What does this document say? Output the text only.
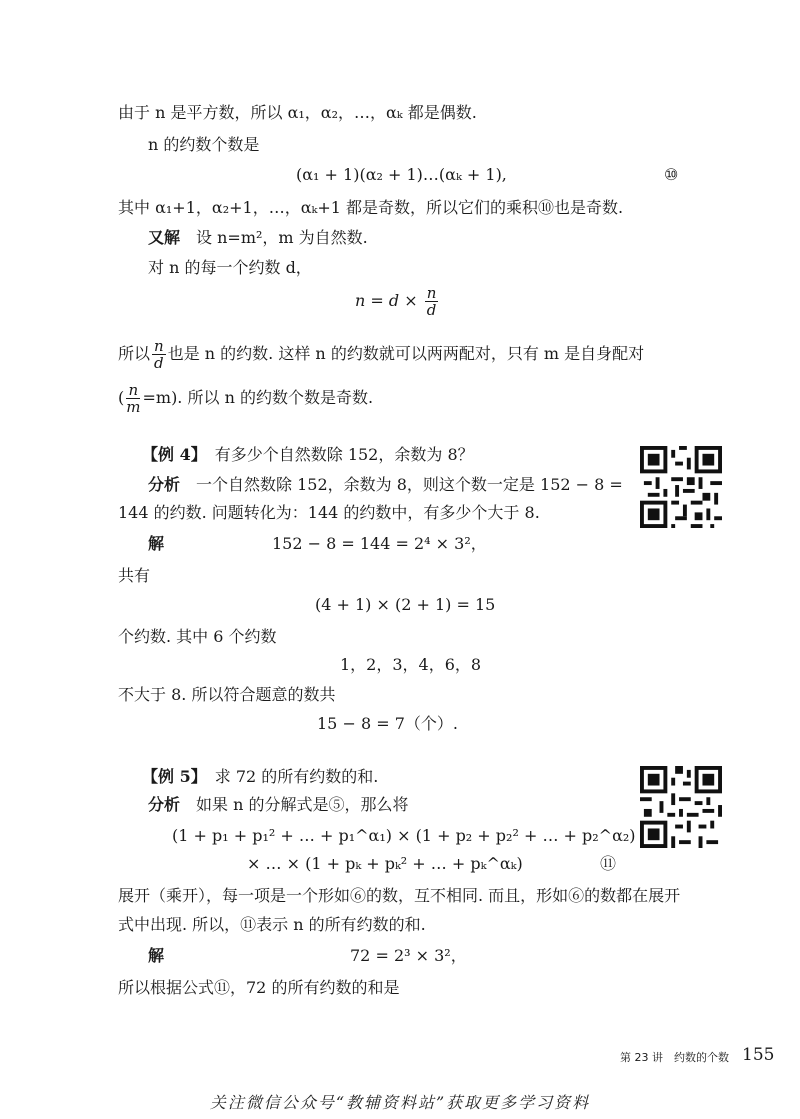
由于 n 是平方数，所以 α₁，α₂，…，αₖ 都是偶数.
n 的约数个数是
(α₁ + 1)(α₂ + 1)…(αₖ + 1),	⑩
其中 α₁+1，α₂+1，…，αₖ+1 都是奇数，所以它们的乘积⑩也是奇数.
又解　 设 n=m²，m 为自然数.
对 n 的每一个约数 d，
$n = d \times \frac{n}{d}$
所以 $\frac{n}{d}$ 也是 n 的约数. 这样 n 的约数就可以两两配对，只有 m 是自身配对
( $\frac{n}{m} =m$). 所以 n 的约数个数是奇数.
【例 4】　 有多少个自然数除 152，余数为 8？
分析　 一个自然数除 152，余数为 8，则这个数一定是 152 − 8 =
144 的约数. 问题转化为：144 的约数中，有多少个大于 8.
解	152 − 8 = 144 = 2⁴ × 3²，
共有
(4 + 1) × (2 + 1) = 15
个约数. 其中 6 个约数
1，2，3，4，6，8
不大于 8. 所以符合题意的数共
15 − 8 = 7（个）.
【例 5】　 求 72 的所有约数的和.
分析　 如果 n 的分解式是⑤，那么将
(1 + p₁ + p₁² + … + p₁^α₁) × (1 + p₂ + p₂² + … + p₂^α₂)
× … × (1 + pₖ + pₖ² + … + pₖ^αₖ)	⑪
展开（乘开），每一项是一个形如⑥的数，互不相同. 而且，形如⑥的数都在展开
式中出现. 所以，⑪表示 n 的所有约数的和.
解	72 = 2³ × 3²，
所以根据公式⑪，72 的所有约数的和是
第 23 讲　约数的个数 155
关注微信公众号“教辅资料站”获取更多学习资料
